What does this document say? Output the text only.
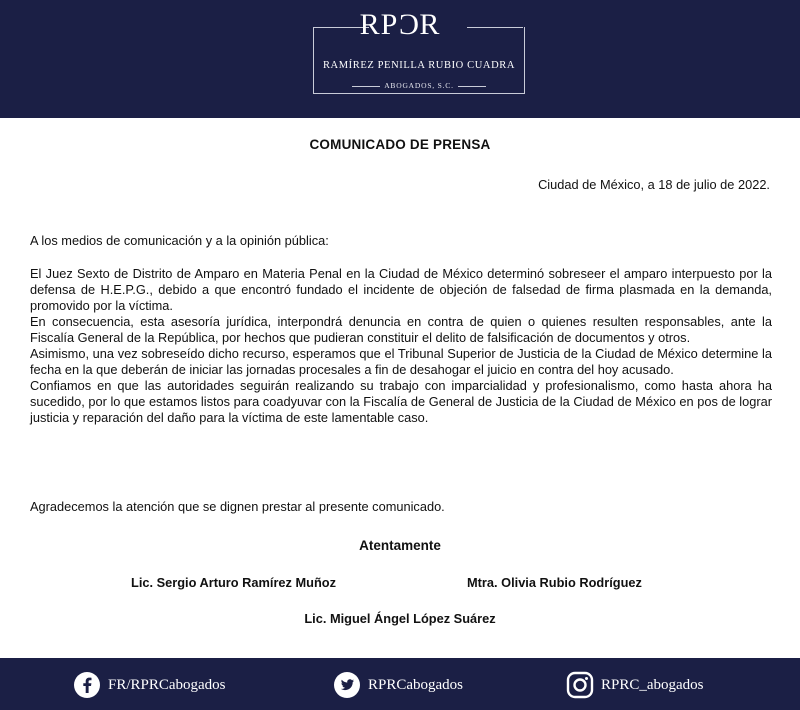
RPCR
RAMÍREZ PENILLA RUBIO CUADRA
ABOGADOS, S.C.
COMUNICADO DE PRENSA
Ciudad de México, a 18 de julio de 2022.
A los medios de comunicación y a la opinión pública:

El Juez Sexto de Distrito de Amparo en Materia Penal en la Ciudad de México determinó sobreseer el amparo interpuesto por la defensa de H.E.P.G., debido a que encontró fundado el incidente de objeción de falsedad de firma plasmada en la demanda, promovido por la víctima.

En consecuencia, esta asesoría jurídica, interpondrá denuncia en contra de quien o quienes resulten responsables, ante la Fiscalía General de la República, por hechos que pudieran constituir el delito de falsificación de documentos y otros.

Asimismo, una vez sobreseído dicho recurso, esperamos que el Tribunal Superior de Justicia de la Ciudad de México determine la fecha en la que deberán de iniciar las jornadas procesales a fin de desahogar el juicio en contra del hoy acusado.

Confiamos en que las autoridades seguirán realizando su trabajo con imparcialidad y profesionalismo, como hasta ahora ha sucedido, por lo que estamos listos para coadyuvar con la Fiscalía de General de Justicia de la Ciudad de México en pos de lograr justicia y reparación del daño para la víctima de este lamentable caso.

Agradecemos la atención que se dignen prestar al presente comunicado.
Atentamente
Lic. Sergio Arturo Ramírez Muñoz	Mtra. Olivia Rubio Rodríguez
Lic. Miguel Ángel López Suárez
FR/RPRCabogados	RPRCabogados	RPRC_abogados
